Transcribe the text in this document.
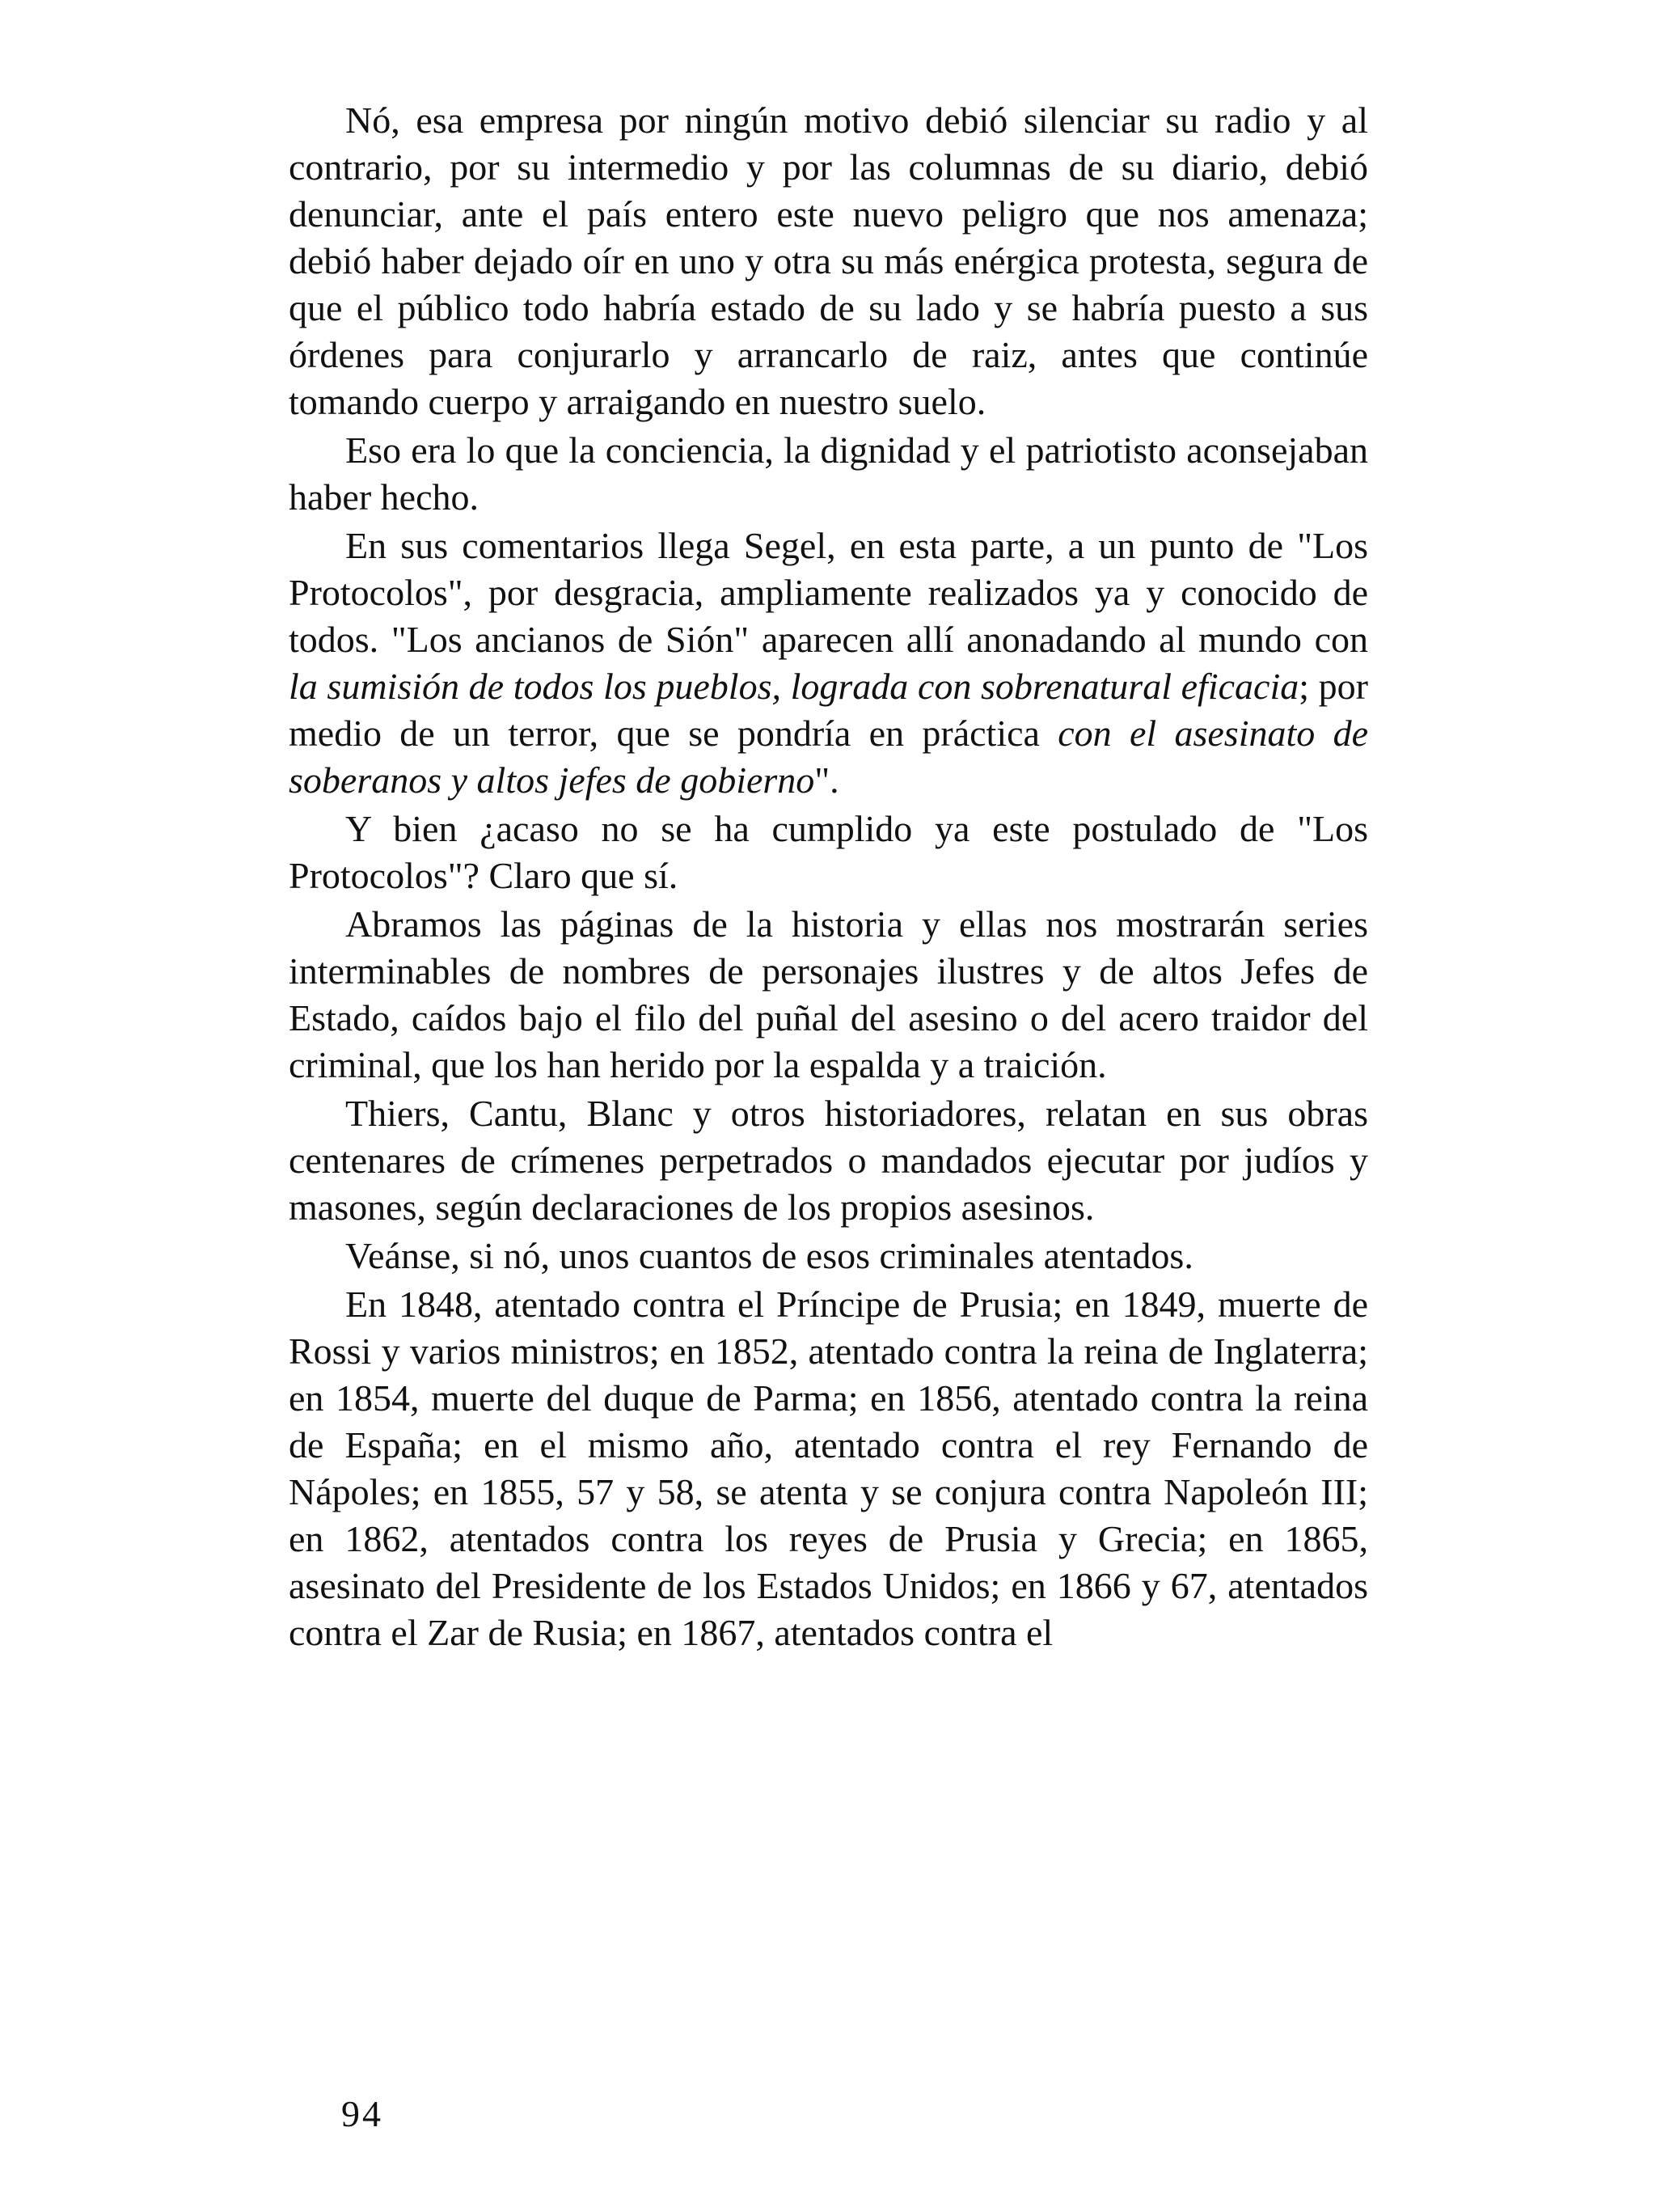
Nó, esa empresa por ningún motivo debió silenciar su radio y al contrario, por su intermedio y por las columnas de su diario, debió denunciar, ante el país entero este nuevo peligro que nos amenaza; debió haber dejado oír en uno y otra su más enérgica protesta, segura de que el público todo habría estado de su lado y se habría puesto a sus órdenes para conjurarlo y arrancarlo de raiz, antes que continúe tomando cuerpo y arraigando en nuestro suelo.

Eso era lo que la conciencia, la dignidad y el patriotisto aconsejaban haber hecho.

En sus comentarios llega Segel, en esta parte, a un punto de "Los Protocolos", por desgracia, ampliamente realizados ya y conocido de todos. "Los ancianos de Sión" aparecen allí anonadando al mundo con la sumisión de todos los pueblos, lograda con sobrenatural eficacia; por medio de un terror, que se pondría en práctica con el asesinato de soberanos y altos jefes de gobierno".

Y bien ¿acaso no se ha cumplido ya este postulado de "Los Protocolos"? Claro que sí.

Abramos las páginas de la historia y ellas nos mostrarán series interminables de nombres de personajes ilustres y de altos Jefes de Estado, caídos bajo el filo del puñal del asesino o del acero traidor del criminal, que los han herido por la espalda y a traición.

Thiers, Cantu, Blanc y otros historiadores, relatan en sus obras centenares de crímenes perpetrados o mandados ejecutar por judíos y masones, según declaraciones de los propios asesinos.

Veánse, si nó, unos cuantos de esos criminales atentados.

En 1848, atentado contra el Príncipe de Prusia; en 1849, muerte de Rossi y varios ministros; en 1852, atentado contra la reina de Inglaterra; en 1854, muerte del duque de Parma; en 1856, atentado contra la reina de España; en el mismo año, atentado contra el rey Fernando de Nápoles; en 1855, 57 y 58, se atenta y se conjura contra Napoleón III; en 1862, atentados contra los reyes de Prusia y Grecia; en 1865, asesinato del Presidente de los Estados Unidos; en 1866 y 67, atentados contra el Zar de Rusia; en 1867, atentados contra el

94
